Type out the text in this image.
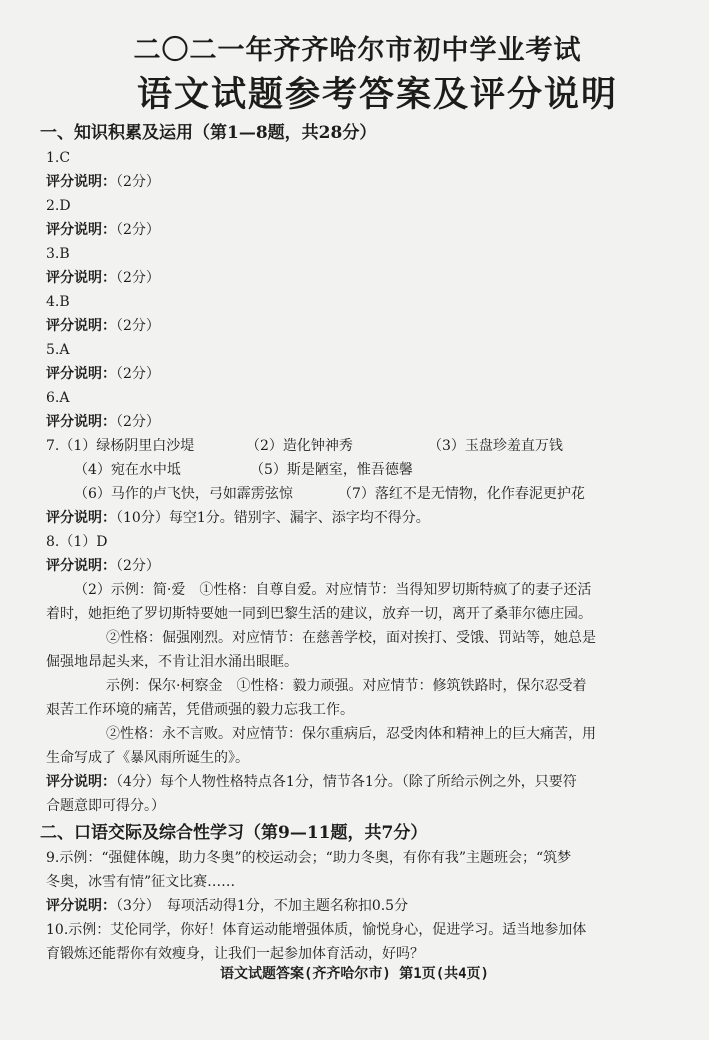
二〇二一年齐齐哈尔市初中学业考试
语文试题参考答案及评分说明
一、知识积累及运用（第1—8题，共28分）
1.C
评分说明：（2分）
2.D
评分说明：（2分）
3.B
评分说明：（2分）
4.B
评分说明：（2分）
5.A
评分说明：（2分）
6.A
评分说明：（2分）
7.（1）绿杨阴里白沙堤	（2）造化钟神秀	（3）玉盘珍羞直万钱
（4）宛在水中坻	（5）斯是陋室，惟吾德馨
（6）马作的卢飞快，弓如霹雳弦惊	（7）落红不是无情物，化作春泥更护花
评分说明：（10分）每空1分。错别字、漏字、添字均不得分。
8.（1）D
评分说明：（2分）
（2）示例：简·爱　①性格：自尊自爱。对应情节：当得知罗切斯特疯了的妻子还活
着时，她拒绝了罗切斯特要她一同到巴黎生活的建议，放弃一切，离开了桑菲尔德庄园。
②性格：倔强刚烈。对应情节：在慈善学校，面对挨打、受饿、罚站等，她总是
倔强地昂起头来，不肯让泪水涌出眼眶。
示例：保尔·柯察金　①性格：毅力顽强。对应情节：修筑铁路时，保尔忍受着
艰苦工作环境的痛苦，凭借顽强的毅力忘我工作。
②性格：永不言败。对应情节：保尔重病后，忍受肉体和精神上的巨大痛苦，用
生命写成了《暴风雨所诞生的》。
评分说明：（4分）每个人物性格特点各1分，情节各1分。（除了所给示例之外，只要符
合题意即可得分。）
二、口语交际及综合性学习（第9—11题，共7分）
9.示例：“强健体魄，助力冬奥”的校运动会；“助力冬奥，有你有我”主题班会；“筑梦
冬奥，冰雪有情”征文比赛……
评分说明：（3分）　每项活动得1分，不加主题名称扣0.5分
10.示例：艾伦同学，你好！体育运动能增强体质，愉悦身心，促进学习。适当地参加体
育锻炼还能帮你有效瘦身，让我们一起参加体育活动，好吗？
语文试题答案(齐齐哈尔市) 第1页(共4页)
